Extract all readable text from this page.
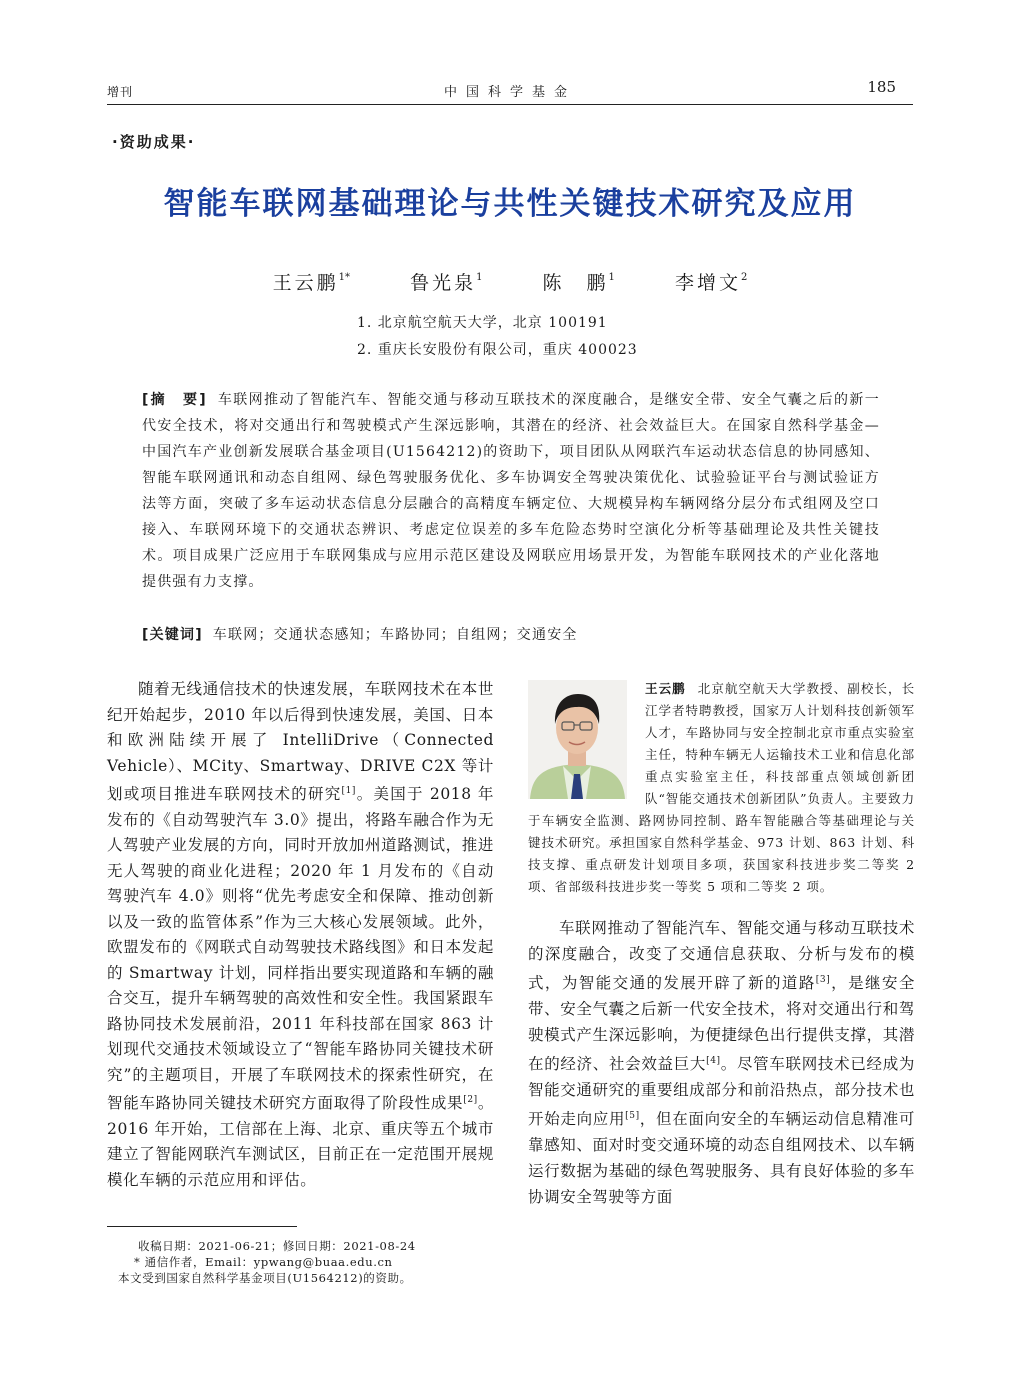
增刊	中国科学基金	185
·资助成果·
智能车联网基础理论与共性关键技术研究及应用
王云鹏$^{1*}$	鲁光泉$^1$	陈　鹏$^1$	李增文$^2$
1. 北京航空航天大学，北京 100191
2. 重庆长安股份有限公司，重庆 400023
[摘　要] 车联网推动了智能汽车、智能交通与移动互联技术的深度融合，是继安全带、安全气囊之后的新一代安全技术，将对交通出行和驾驶模式产生深远影响，其潜在的经济、社会效益巨大。在国家自然科学基金—中国汽车产业创新发展联合基金项目(U1564212)的资助下，项目团队从网联汽车运动状态信息的协同感知、智能车联网通讯和动态自组网、绿色驾驶服务优化、多车协调安全驾驶决策优化、试验验证平台与测试验证方法等方面，突破了多车运动状态信息分层融合的高精度车辆定位、大规模异构车辆网络分层分布式组网及空口接入、车联网环境下的交通状态辨识、考虑定位误差的多车危险态势时空演化分析等基础理论及共性关键技术。项目成果广泛应用于车联网集成与应用示范区建设及网联应用场景开发，为智能车联网技术的产业化落地提供强有力支撑。
[关键词] 车联网；交通状态感知；车路协同；自组网；交通安全
随着无线通信技术的快速发展，车联网技术在本世纪开始起步，2010 年以后得到快速发展，美国、日本和欧洲陆续开展了 IntelliDrive（Connected Vehicle）、MCity、Smartway、DRIVE C2X 等计划或项目推进车联网技术的研究[1]。美国于 2018 年发布的《自动驾驶汽车 3.0》提出，将路车融合作为无人驾驶产业发展的方向，同时开放加州道路测试，推进无人驾驶的商业化进程；2020 年 1 月发布的《自动驾驶汽车 4.0》则将“优先考虑安全和保障、推动创新以及一致的监管体系”作为三大核心发展领域。此外，欧盟发布的《网联式自动驾驶技术路线图》和日本发起的 Smartway 计划，同样指出要实现道路和车辆的融合交互，提升车辆驾驶的高效性和安全性。我国紧跟车路协同技术发展前沿，2011 年科技部在国家 863 计划现代交通技术领域设立了“智能车路协同关键技术研究”的主题项目，开展了车联网技术的探索性研究，在智能车路协同关键技术研究方面取得了阶段性成果[2]。2016 年开始，工信部在上海、北京、重庆等五个城市建立了智能网联汽车测试区，目前正在一定范围开展规模化车辆的示范应用和评估。
王云鹏 北京航空航天大学教授、副校长，长江学者特聘教授，国家万人计划科技创新领军人才，车路协同与安全控制北京市重点实验室主任，特种车辆无人运输技术工业和信息化部重点实验室主任，科技部重点领域创新团队“智能交通技术创新团队”负责人。主要致力于车辆安全监测、路网协同控制、路车智能融合等基础理论与关键技术研究。承担国家自然科学基金、973 计划、863 计划、科技支撑、重点研发计划项目多项，获国家科技进步奖二等奖 2 项、省部级科技进步奖一等奖 5 项和二等奖 2 项。
车联网推动了智能汽车、智能交通与移动互联技术的深度融合，改变了交通信息获取、分析与发布的模式，为智能交通的发展开辟了新的道路[3]，是继安全带、安全气囊之后新一代安全技术，将对交通出行和驾驶模式产生深远影响，为便捷绿色出行提供支撑，其潜在的经济、社会效益巨大[4]。尽管车联网技术已经成为智能交通研究的重要组成部分和前沿热点，部分技术也开始走向应用[5]，但在面向安全的车辆运动信息精准可靠感知、面对时变交通环境的动态自组网技术、以车辆运行数据为基础的绿色驾驶服务、具有良好体验的多车协调安全驾驶等方面
收稿日期：2021-06-21；修回日期：2021-08-24
* 通信作者，Email：ypwang@buaa.edu.cn
本文受到国家自然科学基金项目(U1564212)的资助。
